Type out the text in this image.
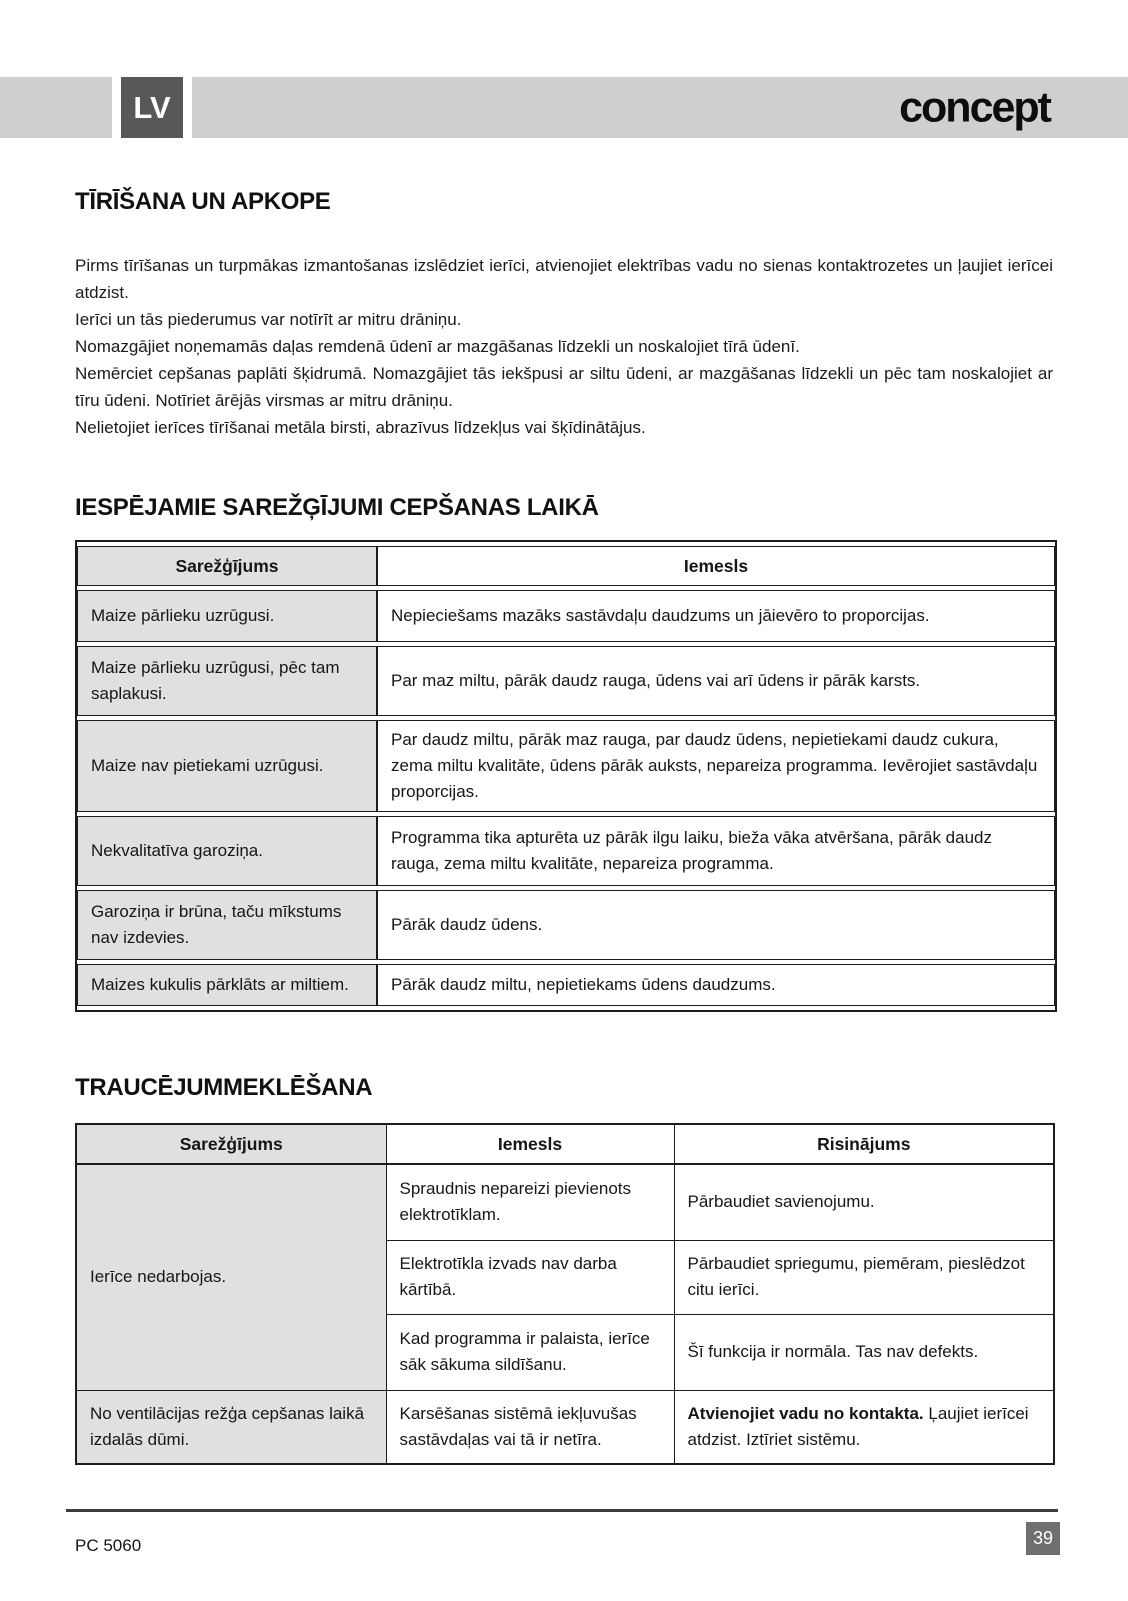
LV	concept
TĪRĪŠANA UN APKOPE

Pirms tīrīšanas un turpmākas izmantošanas izslēdziet ierīci, atvienojiet elektrības vadu no sienas kontaktrozetes un ļaujiet ierīcei atdzist.

Ierīci un tās piederumus var notīrīt ar mitru drāniņu.

Nomazgājiet noņemamās daļas remdenā ūdenī ar mazgāšanas līdzekli un noskalojiet tīrā ūdenī.

Nemērciet cepšanas paplāti šķidrumā. Nomazgājiet tās iekšpusi ar siltu ūdeni, ar mazgāšanas līdzekli un pēc tam noskalojiet ar tīru ūdeni. Notīriet ārējās virsmas ar mitru drāniņu.

Nelietojiet ierīces tīrīšanai metāla birsti, abrazīvus līdzekļus vai šķīdinātājus.

IESPĒJAMIE SAREŽĢĪJUMI CEPŠANAS LAIKĀ
Sarežģījums	Iemesls
Maize pārlieku uzrūgusi.	Nepieciešams mazāks sastāvdaļu daudzums un jāievēro to proporcijas.
Maize pārlieku uzrūgusi, pēc tam saplakusi.	Par maz miltu, pārāk daudz rauga, ūdens vai arī ūdens ir pārāk karsts.
Maize nav pietiekami uzrūgusi.	Par daudz miltu, pārāk maz rauga, par daudz ūdens, nepietiekami daudz cukura, zema miltu kvalitāte, ūdens pārāk auksts, nepareiza programma. Ievērojiet sastāvdaļu proporcijas.
Nekvalitatīva garoziņa.	Programma tika apturēta uz pārāk ilgu laiku, bieža vāka atvēršana, pārāk daudz rauga, zema miltu kvalitāte, nepareiza programma.
Garoziņa ir brūna, taču mīkstums nav izdevies.	Pārāk daudz ūdens.
Maizes kukulis pārklāts ar miltiem.	Pārāk daudz miltu, nepietiekams ūdens daudzums.
TRAUCĒJUMMEKLĒŠANA
Sarežģījums	Iemesls	Risinājums
Ierīce nedarbojas.	Spraudnis nepareizi pievienots elektrotīklam.	Pārbaudiet savienojumu.
	Elektrotīkla izvads nav darba kārtībā.	Pārbaudiet spriegumu, piemēram, pieslēdzot citu ierīci.
	Kad programma ir palaista, ierīce sāk sākuma sildīšanu.	Šī funkcija ir normāla. Tas nav defekts.
No ventilācijas režģa cepšanas laikā izdalās dūmi.	Karsēšanas sistēmā iekļuvušas sastāvdaļas vai tā ir netīra.	Atvienojiet vadu no kontakta. Ļaujiet ierīcei atdzist. Iztīriet sistēmu.
PC 5060	39
